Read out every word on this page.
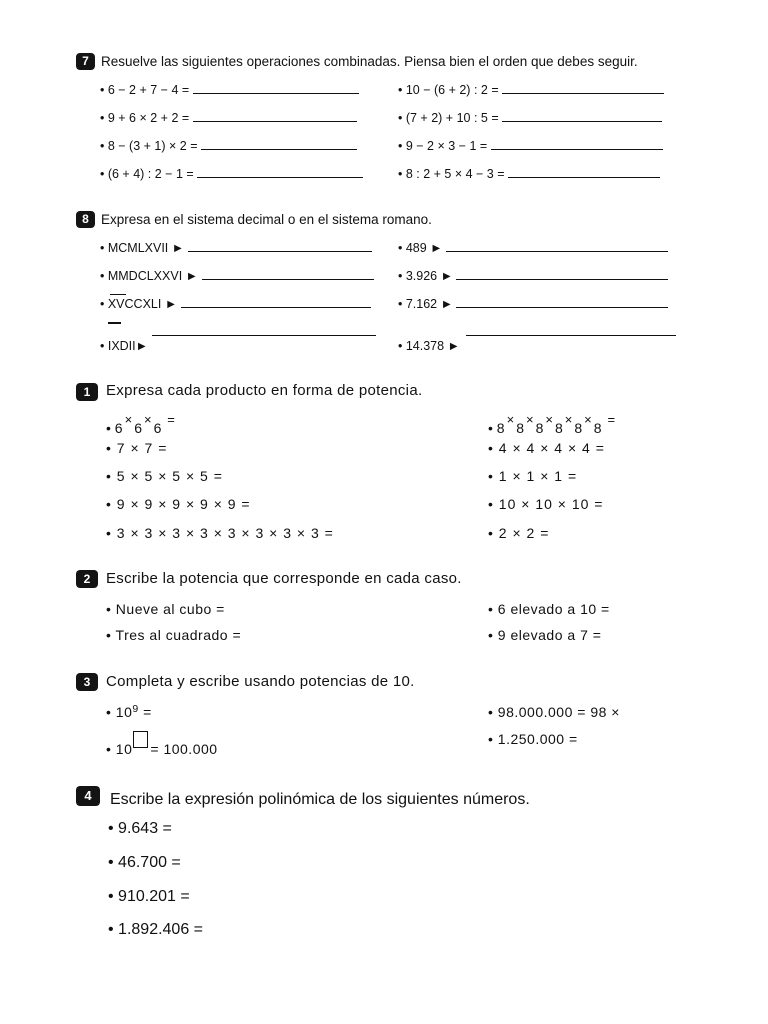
7 Resuelve las siguientes operaciones combinadas. Piensa bien el orden que debes seguir.
• 6 − 2 + 7 − 4 =
• 9 + 6 × 2 + 2 =
• 8 − (3 + 1) × 2 =
• (6 + 4) : 2 − 1 =
• 10 − (6 + 2) : 2 =
• (7 + 2) + 10 : 5 =
• 9 − 2 × 3 − 1 =
• 8 : 2 + 5 × 4 − 3 =
8 Expresa en el sistema decimal o en el sistema romano.
• MCMLXVII ►
• MMDCLXXVI ►
• XVCCXLI ►
• IXDII►
• 489 ►
• 3.926 ►
• 7.162 ►
• 14.378 ►
1	Expresa cada producto en forma de potencia.
• 6×6×6 =
• 8×8×8×8×8×8 =
• 7 × 7 =
• 5 × 5 × 5 × 5 =
• 9 × 9 × 9 × 9 × 9 =
• 3 × 3 × 3 × 3 × 3 × 3 × 3 × 3 =
• 4 × 4 × 4 × 4 =
• 1 × 1 × 1 =
• 10 × 10 × 10 =
• 2 × 2 =
2	Escribe la potencia que corresponde en cada caso.
• Nueve al cubo =
• Tres al cuadrado =
• 6 elevado a 10 =
• 9 elevado a 7 =
3	Completa y escribe usando potencias de 10.
• $10^9$ =
• 10 = 100.000
• 98.000.000 = 98 ×
• 1.250.000 =
4	Escribe la expresión polinómica de los siguientes números.
• 9.643 =
• 46.700 =
• 910.201 =
• 1.892.406 =
